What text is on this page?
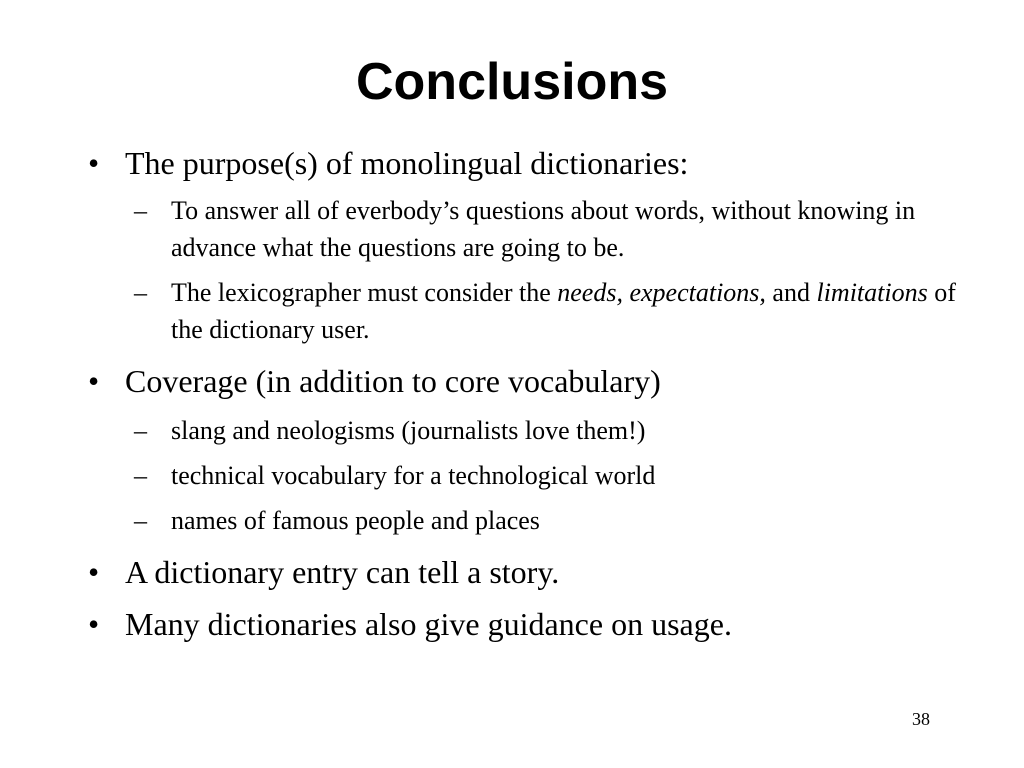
Conclusions
• The purpose(s) of monolingual dictionaries:
– To answer all of everbody’s questions about words, without knowing in advance what the questions are going to be.
– The lexicographer must consider the needs, expectations, and limitations of the dictionary user.
• Coverage (in addition to core vocabulary)
– slang and neologisms (journalists love them!)
– technical vocabulary for a technological world
– names of famous people and places
• A dictionary entry can tell a story.
• Many dictionaries also give guidance on usage.
38
